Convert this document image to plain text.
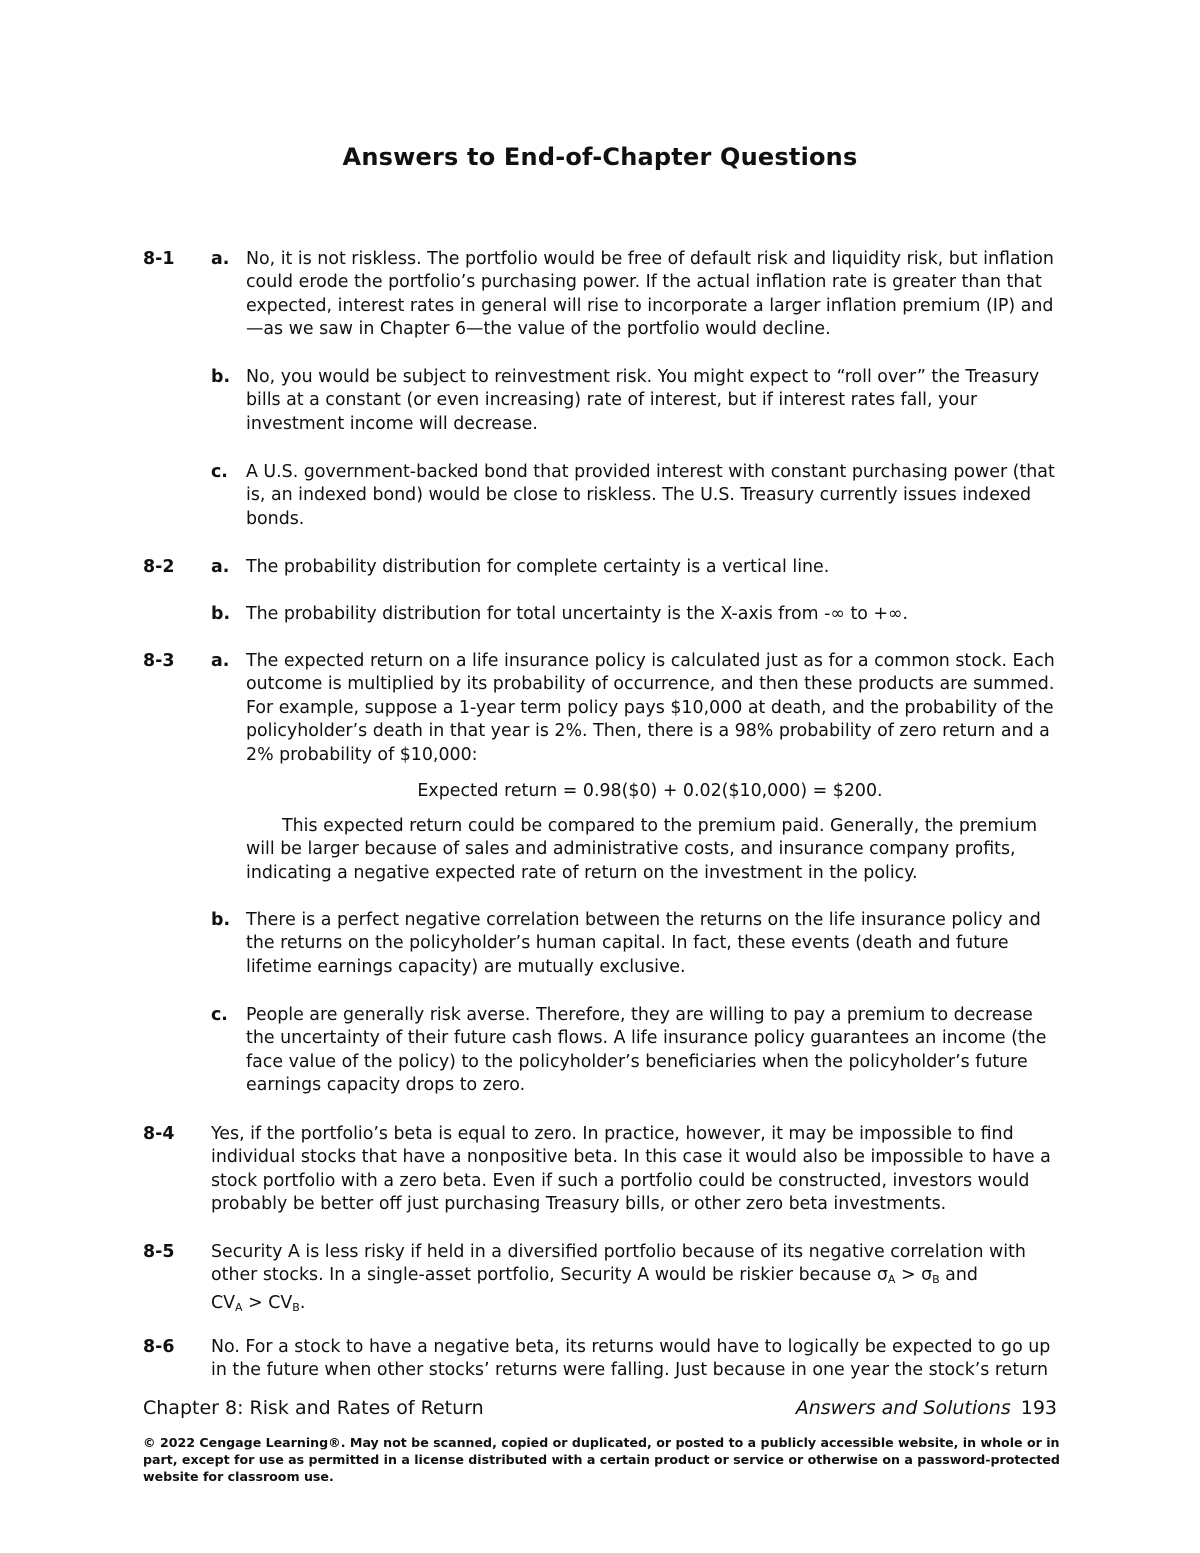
Answers to End-of-Chapter Questions
8-1 a. No, it is not riskless. The portfolio would be free of default risk and liquidity risk, but inflation could erode the portfolio’s purchasing power. If the actual inflation rate is greater than that expected, interest rates in general will rise to incorporate a larger inflation premium (IP) and—as we saw in Chapter 6—the value of the portfolio would decline.
b. No, you would be subject to reinvestment risk. You might expect to “roll over” the Treasury bills at a constant (or even increasing) rate of interest, but if interest rates fall, your investment income will decrease.
c. A U.S. government-backed bond that provided interest with constant purchasing power (that is, an indexed bond) would be close to riskless. The U.S. Treasury currently issues indexed bonds.
8-2 a. The probability distribution for complete certainty is a vertical line.
b. The probability distribution for total uncertainty is the X-axis from -∞ to +∞.
8-3 a. The expected return on a life insurance policy is calculated just as for a common stock. Each outcome is multiplied by its probability of occurrence, and then these products are summed. For example, suppose a 1-year term policy pays $10,000 at death, and the probability of the policyholder’s death in that year is 2%. Then, there is a 98% probability of zero return and a 2% probability of $10,000:
Expected return = 0.98($0) + 0.02($10,000) = $200.
This expected return could be compared to the premium paid. Generally, the premium will be larger because of sales and administrative costs, and insurance company profits, indicating a negative expected rate of return on the investment in the policy.
b. There is a perfect negative correlation between the returns on the life insurance policy and the returns on the policyholder’s human capital. In fact, these events (death and future lifetime earnings capacity) are mutually exclusive.
c. People are generally risk averse. Therefore, they are willing to pay a premium to decrease the uncertainty of their future cash flows. A life insurance policy guarantees an income (the face value of the policy) to the policyholder’s beneficiaries when the policyholder’s future earnings capacity drops to zero.
8-4 Yes, if the portfolio’s beta is equal to zero. In practice, however, it may be impossible to find individual stocks that have a nonpositive beta. In this case it would also be impossible to have a stock portfolio with a zero beta. Even if such a portfolio could be constructed, investors would probably be better off just purchasing Treasury bills, or other zero beta investments.
8-5 Security A is less risky if held in a diversified portfolio because of its negative correlation with other stocks. In a single-asset portfolio, Security A would be riskier because $\sigma_A > \sigma_B$ and
$CV_A > CV_B$.
8-6 No. For a stock to have a negative beta, its returns would have to logically be expected to go up in the future when other stocks’ returns were falling. Just because in one year the stock’s return
Chapter 8: Risk and Rates of Return	Answers and Solutions 193
© 2022 Cengage Learning®. May not be scanned, copied or duplicated, or posted to a publicly accessible website, in whole or in part, except for use as permitted in a license distributed with a certain product or service or otherwise on a password-protected website for classroom use.
